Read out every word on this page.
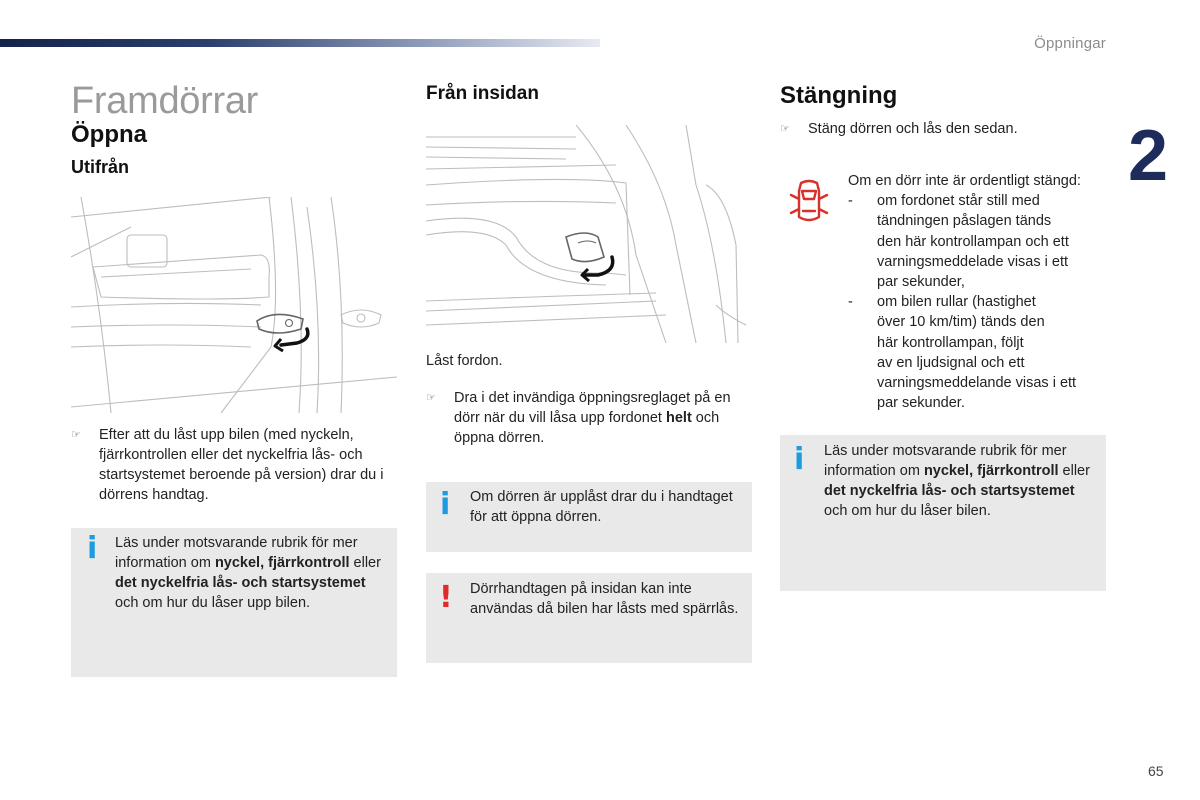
Öppningar
2
Framdörrar
Öppna
Utifrån
☞	Efter att du låst upp bilen (med nyckeln, fjärrkontrollen eller det nyckelfria lås- och startsystemet beroende på version) drar du i dörrens handtag.
i Läs under motsvarande rubrik för mer information om nyckel, fjärrkontroll eller det nyckelfria lås- och startsystemet och om hur du låser upp bilen.
Från insidan
Låst fordon.
☞	Dra i det invändiga öppningsreglaget på en dörr när du vill låsa upp fordonet helt och öppna dörren.
i Om dörren är upplåst drar du i handtaget för att öppna dörren.
! Dörrhandtagen på insidan kan inte användas då bilen har låsts med spärrlås.
Stängning
☞	Stäng dörren och lås den sedan.
Om en dörr inte är ordentligt stängd:
- om fordonet står still med
tändningen påslagen tänds
den här kontrollampan och ett
varningsmeddelade visas i ett
par sekunder,
- om bilen rullar (hastighet
över 10 km/tim) tänds den
här kontrollampan, följt
av en ljudsignal och ett
varningsmeddelande visas i ett
par sekunder.
i Läs under motsvarande rubrik för mer information om nyckel, fjärrkontroll eller det nyckelfria lås- och startsystemet och om hur du låser bilen.
65
